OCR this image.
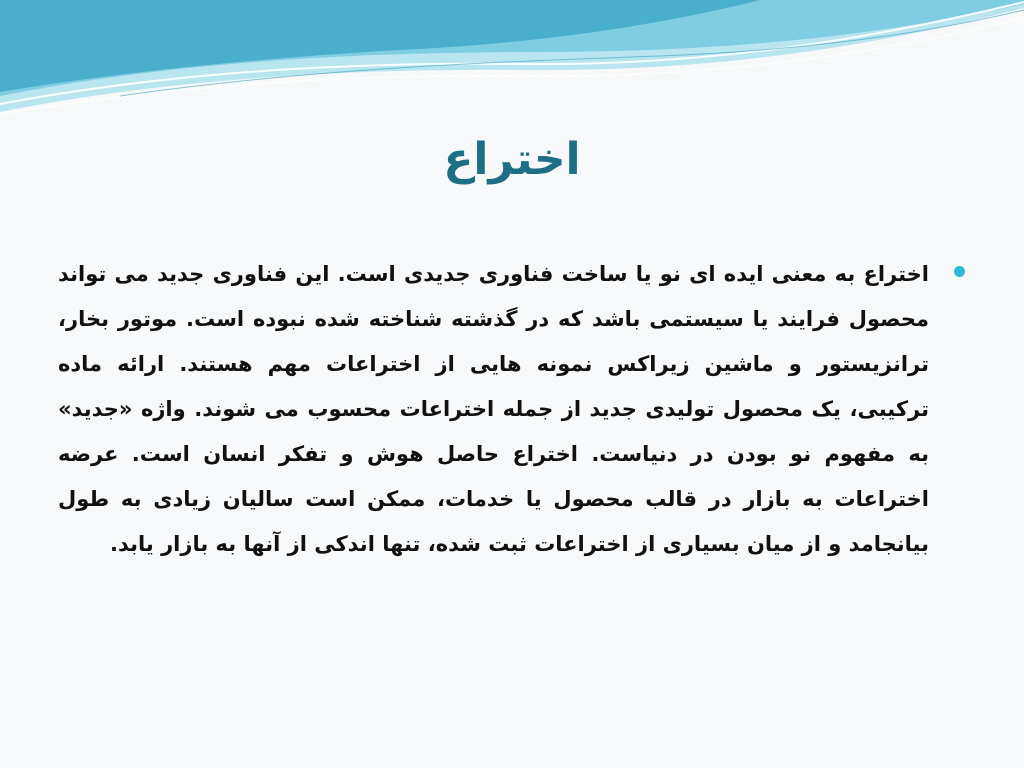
اختراع
اختراع به معنی ایده ای نو یا ساخت فناوری جدیدی است. این فناوری جدید می تواند محصول فرایند یا سیستمی باشد که در گذشته شناخته شده نبوده است. موتور بخار، ترانزیستور و ماشین زیراکس نمونه هایی از اختراعات مهم هستند. ارائه ماده ترکیبی، یک محصول تولیدی جدید از جمله اختراعات محسوب می شوند. واژه «جدید» به مفهوم نو بودن در دنیاست. اختراع حاصل هوش و تفکر انسان است. عرضه اختراعات به بازار در قالب محصول یا خدمات، ممکن است سالیان زیادی به طول بیانجامد و از میان بسیاری از اختراعات ثبت شده، تنها اندکی از آنها به بازار یابد.
